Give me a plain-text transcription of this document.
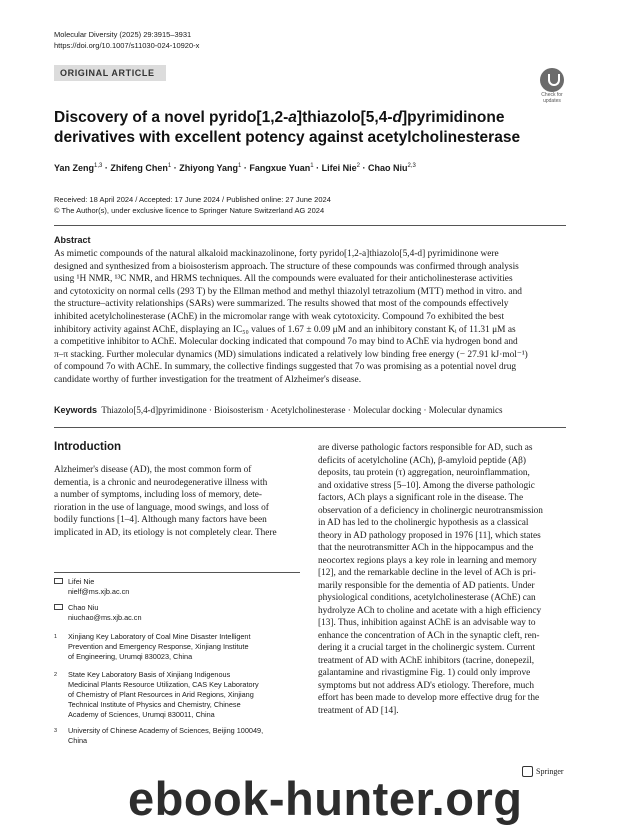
Molecular Diversity (2025) 29:3915–3931
https://doi.org/10.1007/s11030-024-10920-x
ORIGINAL ARTICLE
Check for
updates
Discovery of a novel pyrido[1,2-a]thiazolo[5,4-d]pyrimidinone
derivatives with excellent potency against acetylcholinesterase
Yan Zeng$^{1,3}$ · Zhifeng Chen$^1$ · Zhiyong Yang$^1$ · Fangxue Yuan$^1$ · Lifei Nie$^2$ · Chao Niu$^{2,3}$
Received: 18 April 2024 / Accepted: 17 June 2024 / Published online: 27 June 2024
© The Author(s), under exclusive licence to Springer Nature Switzerland AG 2024
Abstract
As mimetic compounds of the natural alkaloid mackinazolinone, forty pyrido[1,2-a]thiazolo[5,4-d] pyrimidinone were
designed and synthesized from a bioisosterism approach. The structure of these compounds was confirmed through analysis
using ¹H NMR, ¹³C NMR, and HRMS techniques. All the compounds were evaluated for their anticholinesterase activities
and cytotoxicity on normal cells (293 T) by the Ellman method and methyl thiazolyl tetrazolium (MTT) method in vitro. and
the structure–activity relationships (SARs) were summarized. The results showed that most of the compounds effectively
inhibited acetylcholinesterase (AChE) in the micromolar range with weak cytotoxicity. Compound 7o exhibited the best
inhibitory activity against AChE, displaying an IC₅₀ values of 1.67 ± 0.09 μM and an inhibitory constant Kᵢ of 11.31 μM as
a competitive inhibitor to AChE. Molecular docking indicated that compound 7o may bind to AChE via hydrogen bond and
π–π stacking. Further molecular dynamics (MD) simulations indicated a relatively low binding free energy (− 27.91 kJ·mol⁻¹)
of compound 7o with AChE. In summary, the collective findings suggested that 7o was promising as a potential novel drug
candidate worthy of further investigation for the treatment of Alzheimer's disease.
Keywords Thiazolo[5,4-d]pyrimidinone · Bioisosterism · Acetylcholinesterase · Molecular docking · Molecular dynamics
Introduction
Alzheimer's disease (AD), the most common form of
dementia, is a chronic and neurodegenerative illness with
a number of symptoms, including loss of memory, dete-
rioration in the use of language, mood swings, and loss of
bodily functions [1–4]. Although many factors have been
implicated in AD, its etiology is not completely clear. There
are diverse pathologic factors responsible for AD, such as
deficits of acetylcholine (ACh), β-amyloid peptide (Aβ)
deposits, tau protein (τ) aggregation, neuroinflammation,
and oxidative stress [5–10]. Among the diverse pathologic
factors, ACh plays a significant role in the disease. The
observation of a deficiency in cholinergic neurotransmission
in AD has led to the cholinergic hypothesis as a classical
theory in AD pathology proposed in 1976 [11], which states
that the neurotransmitter ACh in the hippocampus and the
neocortex regions plays a key role in learning and memory
[12], and the remarkable decline in the level of ACh is pri-
marily responsible for the dementia of AD patients. Under
physiological conditions, acetylcholinesterase (AChE) can
hydrolyze ACh to choline and acetate with a high efficiency
[13]. Thus, inhibition against AChE is an advisable way to
enhance the concentration of ACh in the synaptic cleft, ren-
dering it a crucial target in the cholinergic system. Current
treatment of AD with AChE inhibitors (tacrine, donepezil,
galantamine and rivastigmine Fig. 1) could only improve
symptoms but not address AD's etiology. Therefore, much
effort has been made to develop more effective drug for the
treatment of AD [14].
Lifei Nie
nielf@ms.xjb.ac.cn
Chao Niu
niuchao@ms.xjb.ac.cn
1 Xinjiang Key Laboratory of Coal Mine Disaster Intelligent
Prevention and Emergency Response, Xinjiang Institute
of Engineering, Urumqi 830023, China
2 State Key Laboratory Basis of Xinjiang Indigenous
Medicinal Plants Resource Utilization, CAS Key Laboratory
of Chemistry of Plant Resources in Arid Regions, Xinjiang
Technical Institute of Physics and Chemistry, Chinese
Academy of Sciences, Urumqi 830011, China
3 University of Chinese Academy of Sciences, Beijing 100049,
China
Springer
ebook-hunter.org
